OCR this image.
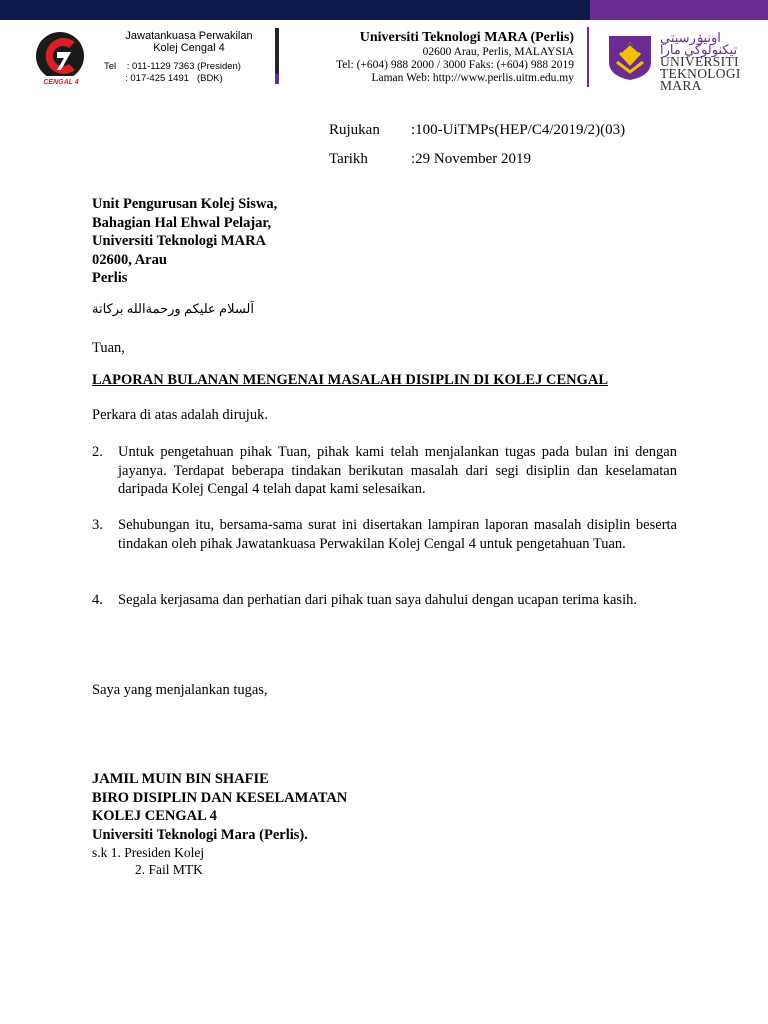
CENGAL 4
Jawatankuasa Perwakilan
Kolej Cengal 4
Tel    : 011-1129 7363 (Presiden)
: 017-425 1491   (BDK)
Universiti Teknologi MARA (Perlis)
02600 Arau, Perlis, MALAYSIA
Tel: (+604) 988 2000 / 3000 Faks: (+604) 988 2019
Laman Web: http://www.perlis.uitm.edu.my
اونيۏرسيتي تيكنولوڬي مارا
UNIVERSITI
TEKNOLOGI
MARA
Rujukan	:100-UiTMPs(HEP/C4/2019/2)(03)
Tarikh	:29 November 2019
Unit Pengurusan Kolej Siswa,
Bahagian Hal Ehwal Pelajar,
Universiti Teknologi MARA
02600, Arau
Perlis
اَلسلام عليكم ورحمةالله بركاتة
Tuan,
LAPORAN BULANAN MENGENAI MASALAH DISIPLIN DI KOLEJ CENGAL
Perkara di atas adalah dirujuk.
2.	Untuk pengetahuan pihak Tuan, pihak kami telah menjalankan tugas pada bulan ini dengan jayanya. Terdapat beberapa tindakan berikutan masalah dari segi disiplin dan keselamatan daripada Kolej Cengal 4 telah dapat kami selesaikan.
3.	Sehubungan itu, bersama-sama surat ini disertakan lampiran laporan masalah disiplin beserta tindakan oleh pihak Jawatankuasa Perwakilan Kolej Cengal 4 untuk pengetahuan Tuan.
4.	Segala kerjasama dan perhatian dari pihak tuan saya dahului dengan ucapan terima kasih.
Saya yang menjalankan tugas,
JAMIL MUIN BIN SHAFIE
BIRO DISIPLIN DAN KESELAMATAN
KOLEJ CENGAL 4
Universiti Teknologi Mara (Perlis).
s.k 1. Presiden Kolej
2. Fail MTK
